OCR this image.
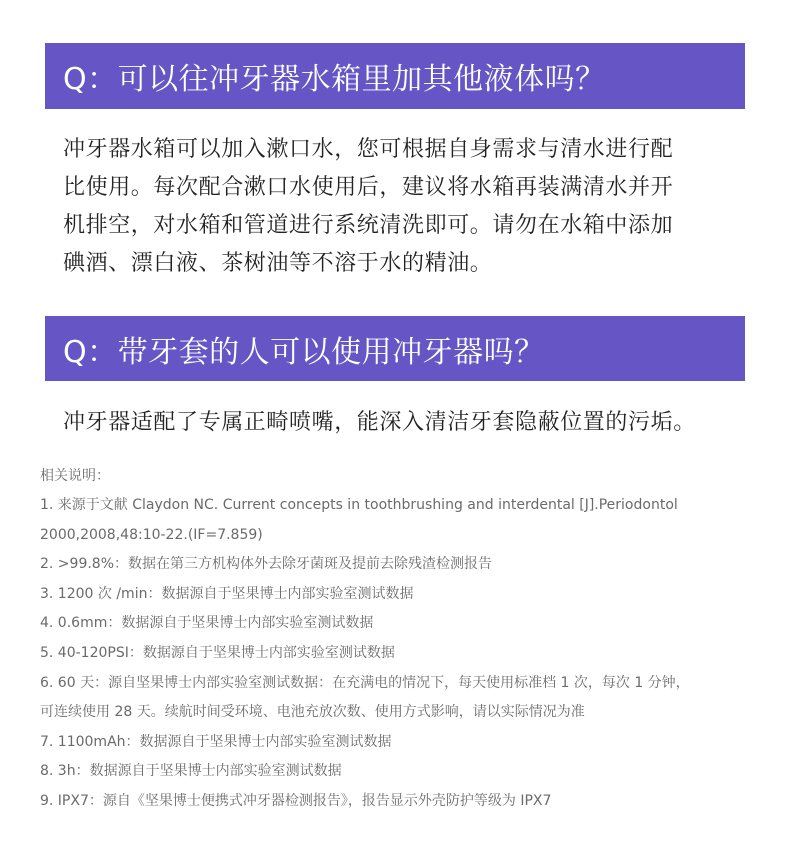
Q：可以往冲牙器水箱里加其他液体吗？
冲牙器水箱可以加入漱口水，您可根据自身需求与清水进行配
比使用。每次配合漱口水使用后，建议将水箱再装满清水并开
机排空，对水箱和管道进行系统清洗即可。请勿在水箱中添加
碘酒、漂白液、茶树油等不溶于水的精油。
Q：带牙套的人可以使用冲牙器吗？
冲牙器适配了专属正畸喷嘴，能深入清洁牙套隐蔽位置的污垢。
相关说明：
1. 来源于文献 Claydon NC. Current concepts in toothbrushing and interdental [J].Periodontol
2000,2008,48:10-22.(IF=7.859)
2. >99.8%：数据在第三方机构体外去除牙菌斑及提前去除残渣检测报告
3. 1200 次 /min：数据源自于坚果博士内部实验室测试数据
4. 0.6mm：数据源自于坚果博士内部实验室测试数据
5. 40-120PSI：数据源自于坚果博士内部实验室测试数据
6. 60 天：源自坚果博士内部实验室测试数据：在充满电的情况下，每天使用标准档 1 次，每次 1 分钟，
可连续使用 28 天。续航时间受环境、电池充放次数、使用方式影响，请以实际情况为准
7. 1100mAh：数据源自于坚果博士内部实验室测试数据
8. 3h：数据源自于坚果博士内部实验室测试数据
9. IPX7：源自《坚果博士便携式冲牙器检测报告》，报告显示外壳防护等级为 IPX7
